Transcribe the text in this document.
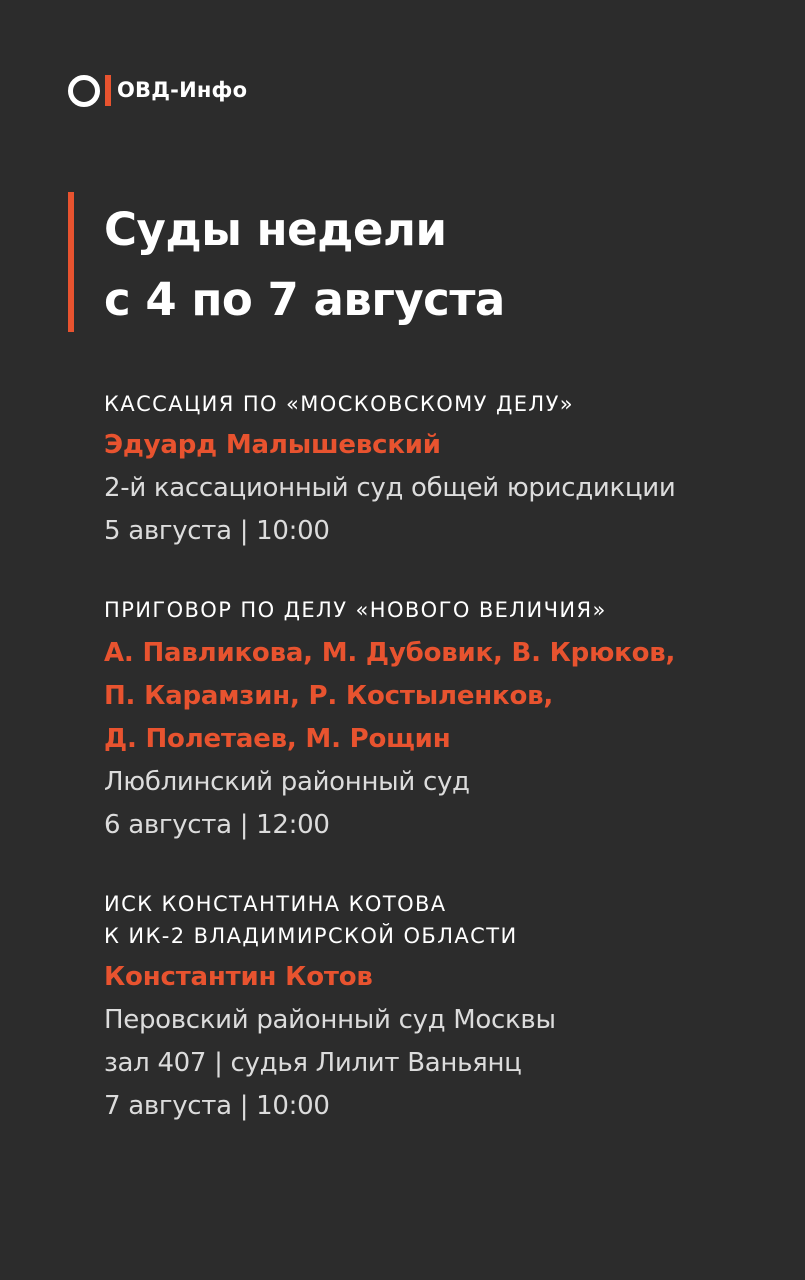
ОВД-Инфо
Суды недели
с 4 по 7 августа
КАССАЦИЯ ПО «МОСКОВСКОМУ ДЕЛУ»
Эдуард Малышевский
2-й кассационный суд общей юрисдикции
5 августа | 10:00
ПРИГОВОР ПО ДЕЛУ «НОВОГО ВЕЛИЧИЯ»
А. Павликова, М. Дубовик, В. Крюков,
П. Карамзин, Р. Костыленков,
Д. Полетаев, М. Рощин
Люблинский районный суд
6 августа | 12:00
ИСК КОНСТАНТИНА КОТОВА
К ИК-2 ВЛАДИМИРСКОЙ ОБЛАСТИ
Константин Котов
Перовский районный суд Москвы
зал 407 | судья Лилит Ваньянц
7 августа | 10:00
